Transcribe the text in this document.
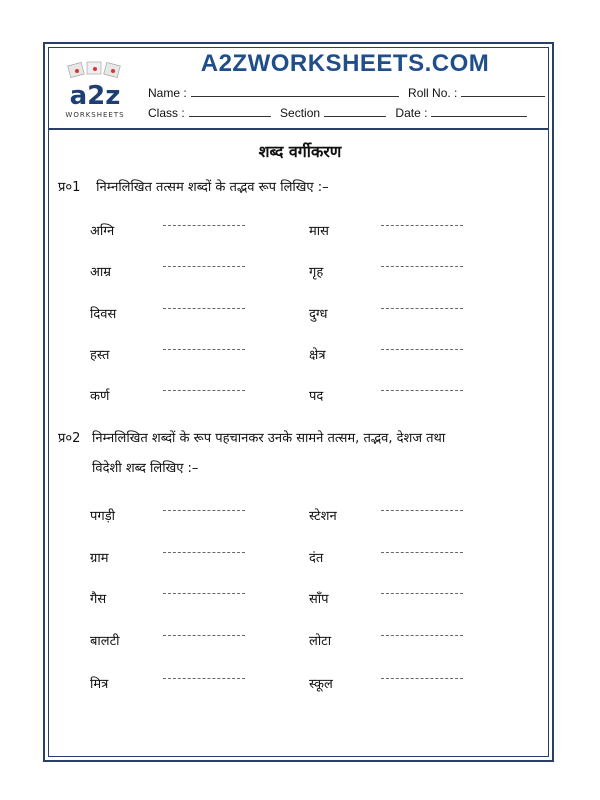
a2z
WORKSHEETS
A2ZWORKSHEETS.COM
Name :	Roll No. :
Class :	Section	Date :
शब्द वर्गीकरण
प्र०1 निम्नलिखित तत्सम शब्दों के तद्भव रूप लिखिए :–
अग्नि	मास
आम्र	गृह
दिवस	दुग्ध
हस्त	क्षेत्र
कर्ण	पद
प्र०2 निम्नलिखित शब्दों के रूप पहचानकर उनके सामने तत्सम, तद्भव, देशज तथा
विदेशी शब्द लिखिए :–
पगड़ी	स्टेशन
ग्राम	दंत
गैस	साँप
बालटी	लोटा
मित्र	स्कूल
